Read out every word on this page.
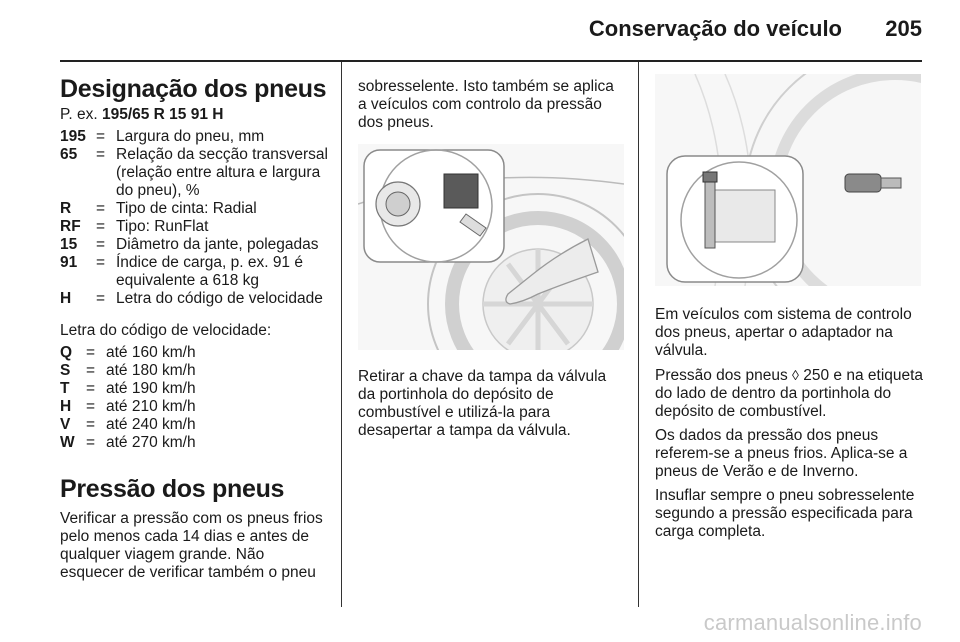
Conservação do veículo 205
Designação dos pneus

P. ex. 195/65 R 15 91 H

195 = Largura do pneu, mm
65	= Relação da secção transversal (relação entre altura e largura do pneu), %
R	= Tipo de cinta: Radial
RF = Tipo: RunFlat
15	= Diâmetro da jante, polegadas
91	= Índice de carga, p. ex. 91 é equivalente a 618 kg
H	= Letra do código de velocidade

Letra do código de velocidade:

Q = até 160 km/h
S	= até 180 km/h
T	= até 190 km/h
H = até 210 km/h
V	= até 240 km/h
W = até 270 km/h
Pressão dos pneus

Verificar a pressão com os pneus frios pelo menos cada 14 dias e antes de qualquer viagem grande. Não esquecer de verificar também o pneu

sobresselente. Isto também se aplica a veículos com controlo da pressão dos pneus.

Retirar a chave da tampa da válvula da portinhola do depósito de combustível e utilizá-la para desapertar a tampa da válvula.

Em veículos com sistema de controlo dos pneus, apertar o adaptador na válvula.

Pressão dos pneus ◊ 250 e na etiqueta do lado de dentro da portinhola do depósito de combustível.

Os dados da pressão dos pneus referem-se a pneus frios. Aplica-se a pneus de Verão e de Inverno.

Insuflar sempre o pneu sobresselente segundo a pressão especificada para carga completa.

carmanualsonline.info
